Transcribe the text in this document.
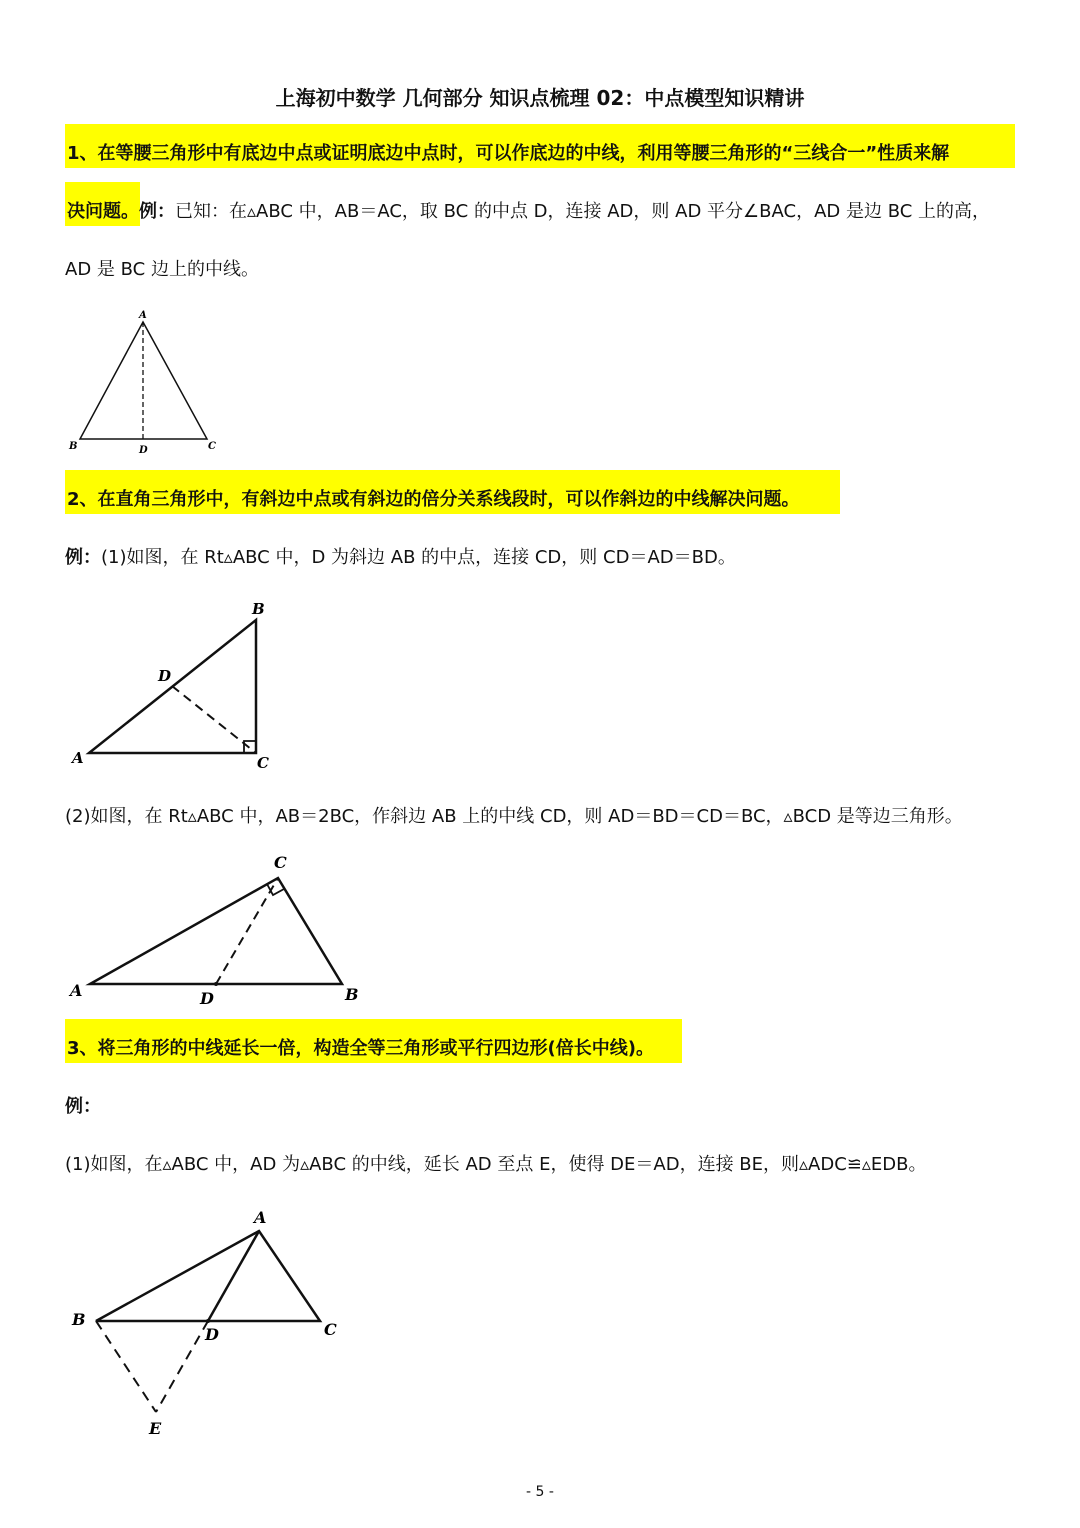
上海初中数学 几何部分 知识点梳理 02：中点模型知识精讲
1、在等腰三角形中有底边中点或证明底边中点时，可以作底边的中线，利用等腰三角形的“三线合一”性质来解
决问题。例：已知：在▵ABC 中，AB＝AC，取 BC 的中点 D，连接 AD，则 AD 平分∠BAC，AD 是边 BC 上的高，
AD 是 BC 边上的中线。
A
B	C
D
2、在直角三角形中，有斜边中点或有斜边的倍分关系线段时，可以作斜边的中线解决问题。
例：(1)如图，在 Rt▵ABC 中，D 为斜边 AB 的中点，连接 CD，则 CD＝AD＝BD。
A
B
C
D
(2)如图，在 Rt▵ABC 中，AB＝2BC，作斜边 AB 上的中线 CD，则 AD＝BD＝CD＝BC，▵BCD 是等边三角形。
A	B
C
D
3、将三角形的中线延长一倍，构造全等三角形或平行四边形(倍长中线)。
例：
(1)如图，在▵ABC 中，AD 为▵ABC 的中线，延长 AD 至点 E，使得 DE＝AD，连接 BE，则▵ADC≌▵EDB。
A
B
C
D
E
- 5 -
